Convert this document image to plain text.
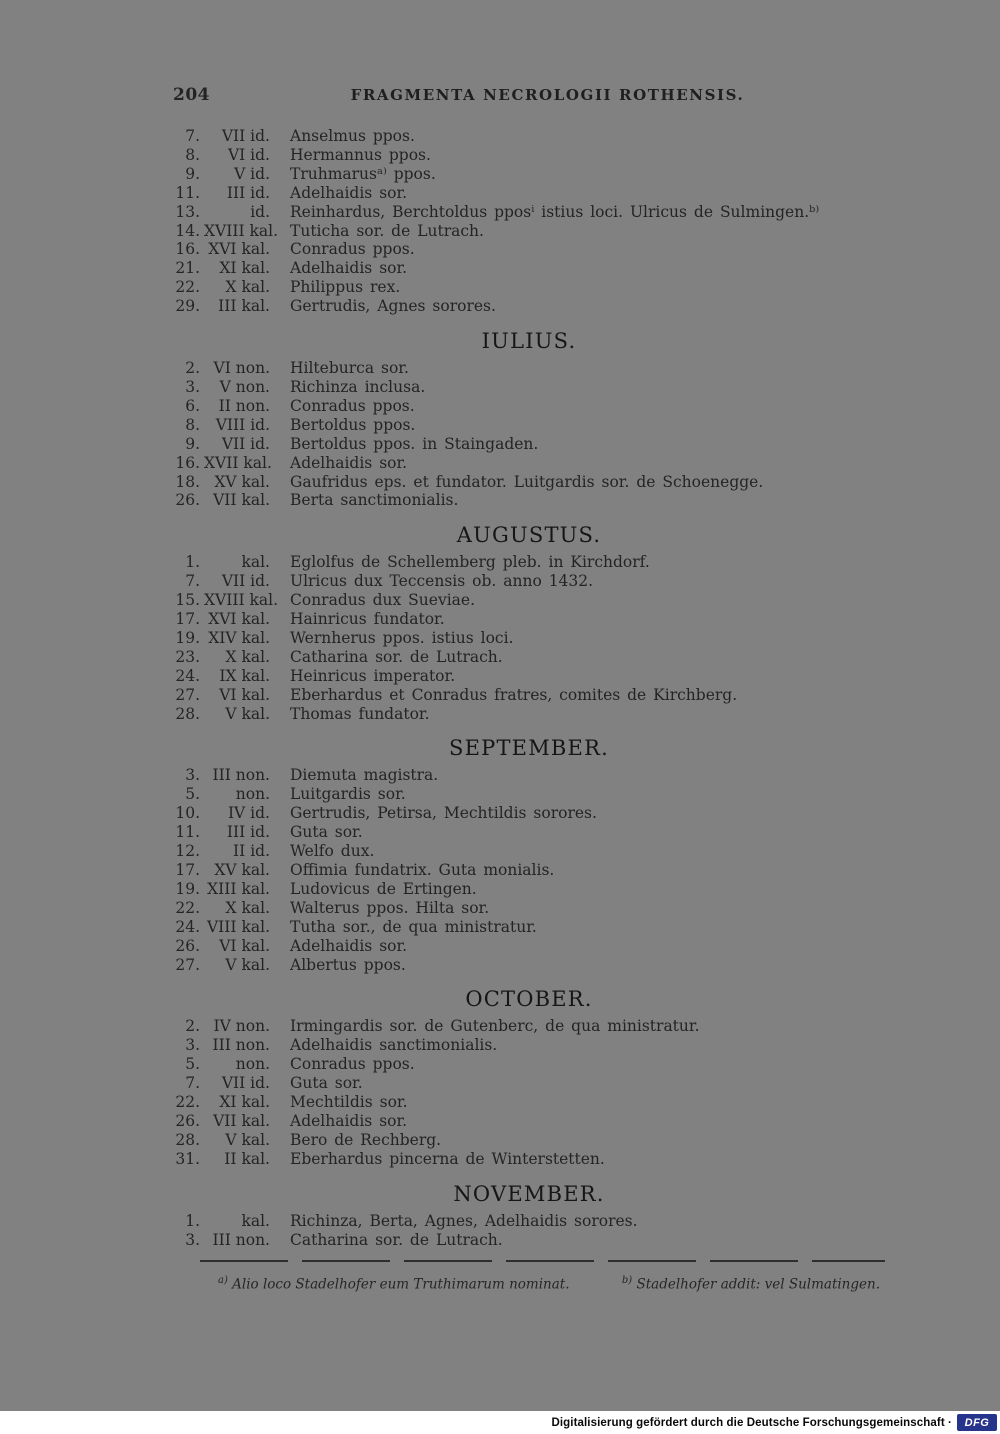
204	FRAGMENTA NECROLOGII ROTHENSIS.
7.	VII id. Anselmus ppos.
8.	VI id. Hermannus ppos.
9.	V id. Truhmarusᵃ⁾ ppos.
11.	III id. Adelhaidis sor.
13.	id. Reinhardus, Berchtoldus pposⁱ istius loci. Ulricus de Sulmingen.ᵇ⁾
14. XVIII kal. Tuticha sor. de Lutrach.
16. XVI kal. Conradus ppos.
21.	XI kal. Adelhaidis sor.
22.	X kal. Philippus rex.
29.	III kal. Gertrudis, Agnes sorores.
IULIUS.
2. VI non. Hilteburca sor.
3.	V non. Richinza inclusa.
6.	II non. Conradus ppos.
8.	VIII id. Bertoldus ppos.
9.	VII id. Bertoldus ppos. in Staingaden.
16. XVII kal. Adelhaidis sor.
18. XV kal. Gaufridus eps. et fundator. Luitgardis sor. de Schoenegge.
26. VII kal. Berta sanctimonialis.
AUGUSTUS.
1.	kal. Eglolfus de Schellemberg pleb. in Kirchdorf.
7.	VII id. Ulricus dux Teccensis ob. anno 1432.
15. XVIII kal. Conradus dux Sueviae.
17. XVI kal. Hainricus fundator.
19. XIV kal. Wernherus ppos. istius loci.
23.	X kal. Catharina sor. de Lutrach.
24.	IX kal. Heinricus imperator.
27.	VI kal. Eberhardus et Conradus fratres, comites de Kirchberg.
28.	V kal. Thomas fundator.
SEPTEMBER.
3. III non. Diemuta magistra.
5.	non. Luitgardis sor.
10.	IV id. Gertrudis, Petirsa, Mechtildis sorores.
11.	III id. Guta sor.
12.	II id. Welfo dux.
17. XV kal. Offimia fundatrix. Guta monialis.
19. XIII kal. Ludovicus de Ertingen.
22.	X kal. Walterus ppos. Hilta sor.
24. VIII kal. Tutha sor., de qua ministratur.
26.	VI kal. Adelhaidis sor.
27.	V kal. Albertus ppos.
OCTOBER.
2. IV non. Irmingardis sor. de Gutenberc, de qua ministratur.
3. III non. Adelhaidis sanctimonialis.
5.	non. Conradus ppos.
7.	VII id. Guta sor.
22.	XI kal. Mechtildis sor.
26. VII kal. Adelhaidis sor.
28.	V kal. Bero de Rechberg.
31.	II kal. Eberhardus pincerna de Winterstetten.
NOVEMBER.
1.	kal. Richinza, Berta, Agnes, Adelhaidis sorores.
3. III non. Catharina sor. de Lutrach.
$^{a)}$ Alio loco Stadelhofer eum Truthimarum nominat.	$^{b)}$ Stadelhofer addit: vel Sulmatingen.
Digitalisierung gefördert durch die Deutsche Forschungsgemeinschaft ·	DFG
